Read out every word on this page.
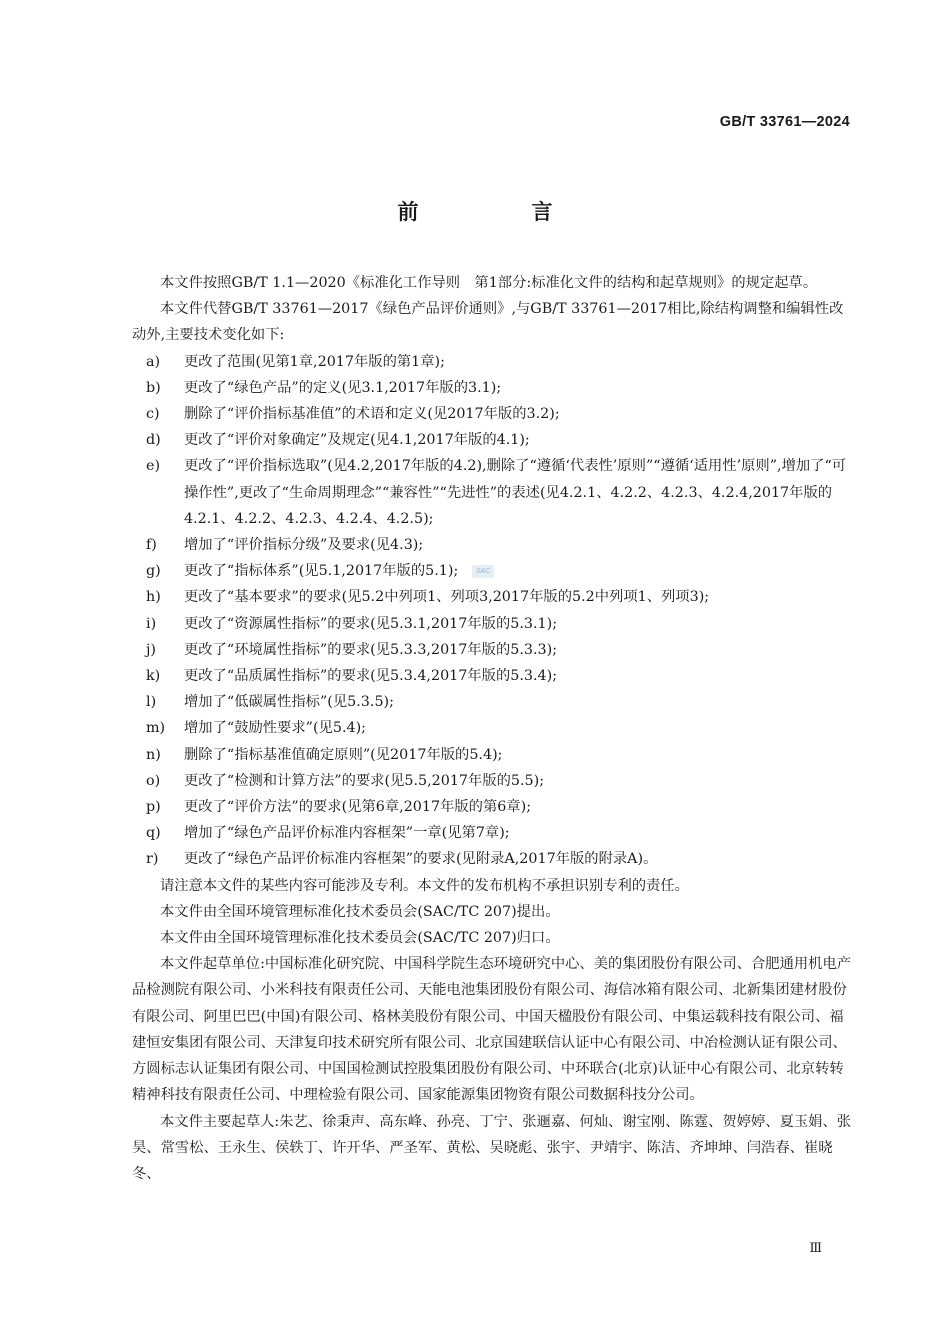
GB/T 33761—2024
前　言

本文件按照GB/T 1.1—2020《标准化工作导则　第1部分:标准化文件的结构和起草规则》的规定起草。

本文件代替GB/T 33761—2017《绿色产品评价通则》,与GB/T 33761—2017相比,除结构调整和编辑性改动外,主要技术变化如下:

a)	更改了范围(见第1章,2017年版的第1章);
b)	更改了“绿色产品”的定义(见3.1,2017年版的3.1);
c)	删除了“评价指标基准值”的术语和定义(见2017年版的3.2);
d)	更改了“评价对象确定”及规定(见4.1,2017年版的4.1);
e)	更改了“评价指标选取”(见4.2,2017年版的4.2),删除了“遵循‘代表性’原则”“遵循‘适用性’原则”,增加了“可操作性”,更改了“生命周期理念”“兼容性”“先进性”的表述(见4.2.1、4.2.2、4.2.3、4.2.4,2017年版的4.2.1、4.2.2、4.2.3、4.2.4、4.2.5);
f)	增加了“评价指标分级”及要求(见4.3);
g)	更改了“指标体系”(见5.1,2017年版的5.1);	SAC
h)	更改了“基本要求”的要求(见5.2中列项1、列项3,2017年版的5.2中列项1、列项3);
i)	更改了“资源属性指标”的要求(见5.3.1,2017年版的5.3.1);
j)	更改了“环境属性指标”的要求(见5.3.3,2017年版的5.3.3);
k)	更改了“品质属性指标”的要求(见5.3.4,2017年版的5.3.4);
l)	增加了“低碳属性指标”(见5.3.5);
m)	增加了“鼓励性要求”(见5.4);
n)	删除了“指标基准值确定原则”(见2017年版的5.4);
o)	更改了“检测和计算方法”的要求(见5.5,2017年版的5.5);
p)	更改了“评价方法”的要求(见第6章,2017年版的第6章);
q)	增加了“绿色产品评价标准内容框架”一章(见第7章);
r)	更改了“绿色产品评价标准内容框架”的要求(见附录A,2017年版的附录A)。

请注意本文件的某些内容可能涉及专利。本文件的发布机构不承担识别专利的责任。

本文件由全国环境管理标准化技术委员会(SAC/TC 207)提出。

本文件由全国环境管理标准化技术委员会(SAC/TC 207)归口。

本文件起草单位:中国标准化研究院、中国科学院生态环境研究中心、美的集团股份有限公司、合肥通用机电产品检测院有限公司、小米科技有限责任公司、天能电池集团股份有限公司、海信冰箱有限公司、北新集团建材股份有限公司、阿里巴巴(中国)有限公司、格林美股份有限公司、中国天楹股份有限公司、中集运载科技有限公司、福建恒安集团有限公司、天津复印技术研究所有限公司、北京国建联信认证中心有限公司、中冶检测认证有限公司、方圆标志认证集团有限公司、中国国检测试控股集团股份有限公司、中环联合(北京)认证中心有限公司、北京转转精神科技有限责任公司、中理检验有限公司、国家能源集团物资有限公司数据科技分公司。

本文件主要起草人:朱艺、徐秉声、高东峰、孙亮、丁宁、张逦嘉、何灿、谢宝刚、陈霆、贺婷婷、夏玉娟、张昊、常雪松、王永生、侯轶丁、许开华、严圣军、黄松、吴晓彪、张宇、尹靖宇、陈洁、齐坤坤、闫浩春、崔晓冬、

Ⅲ
